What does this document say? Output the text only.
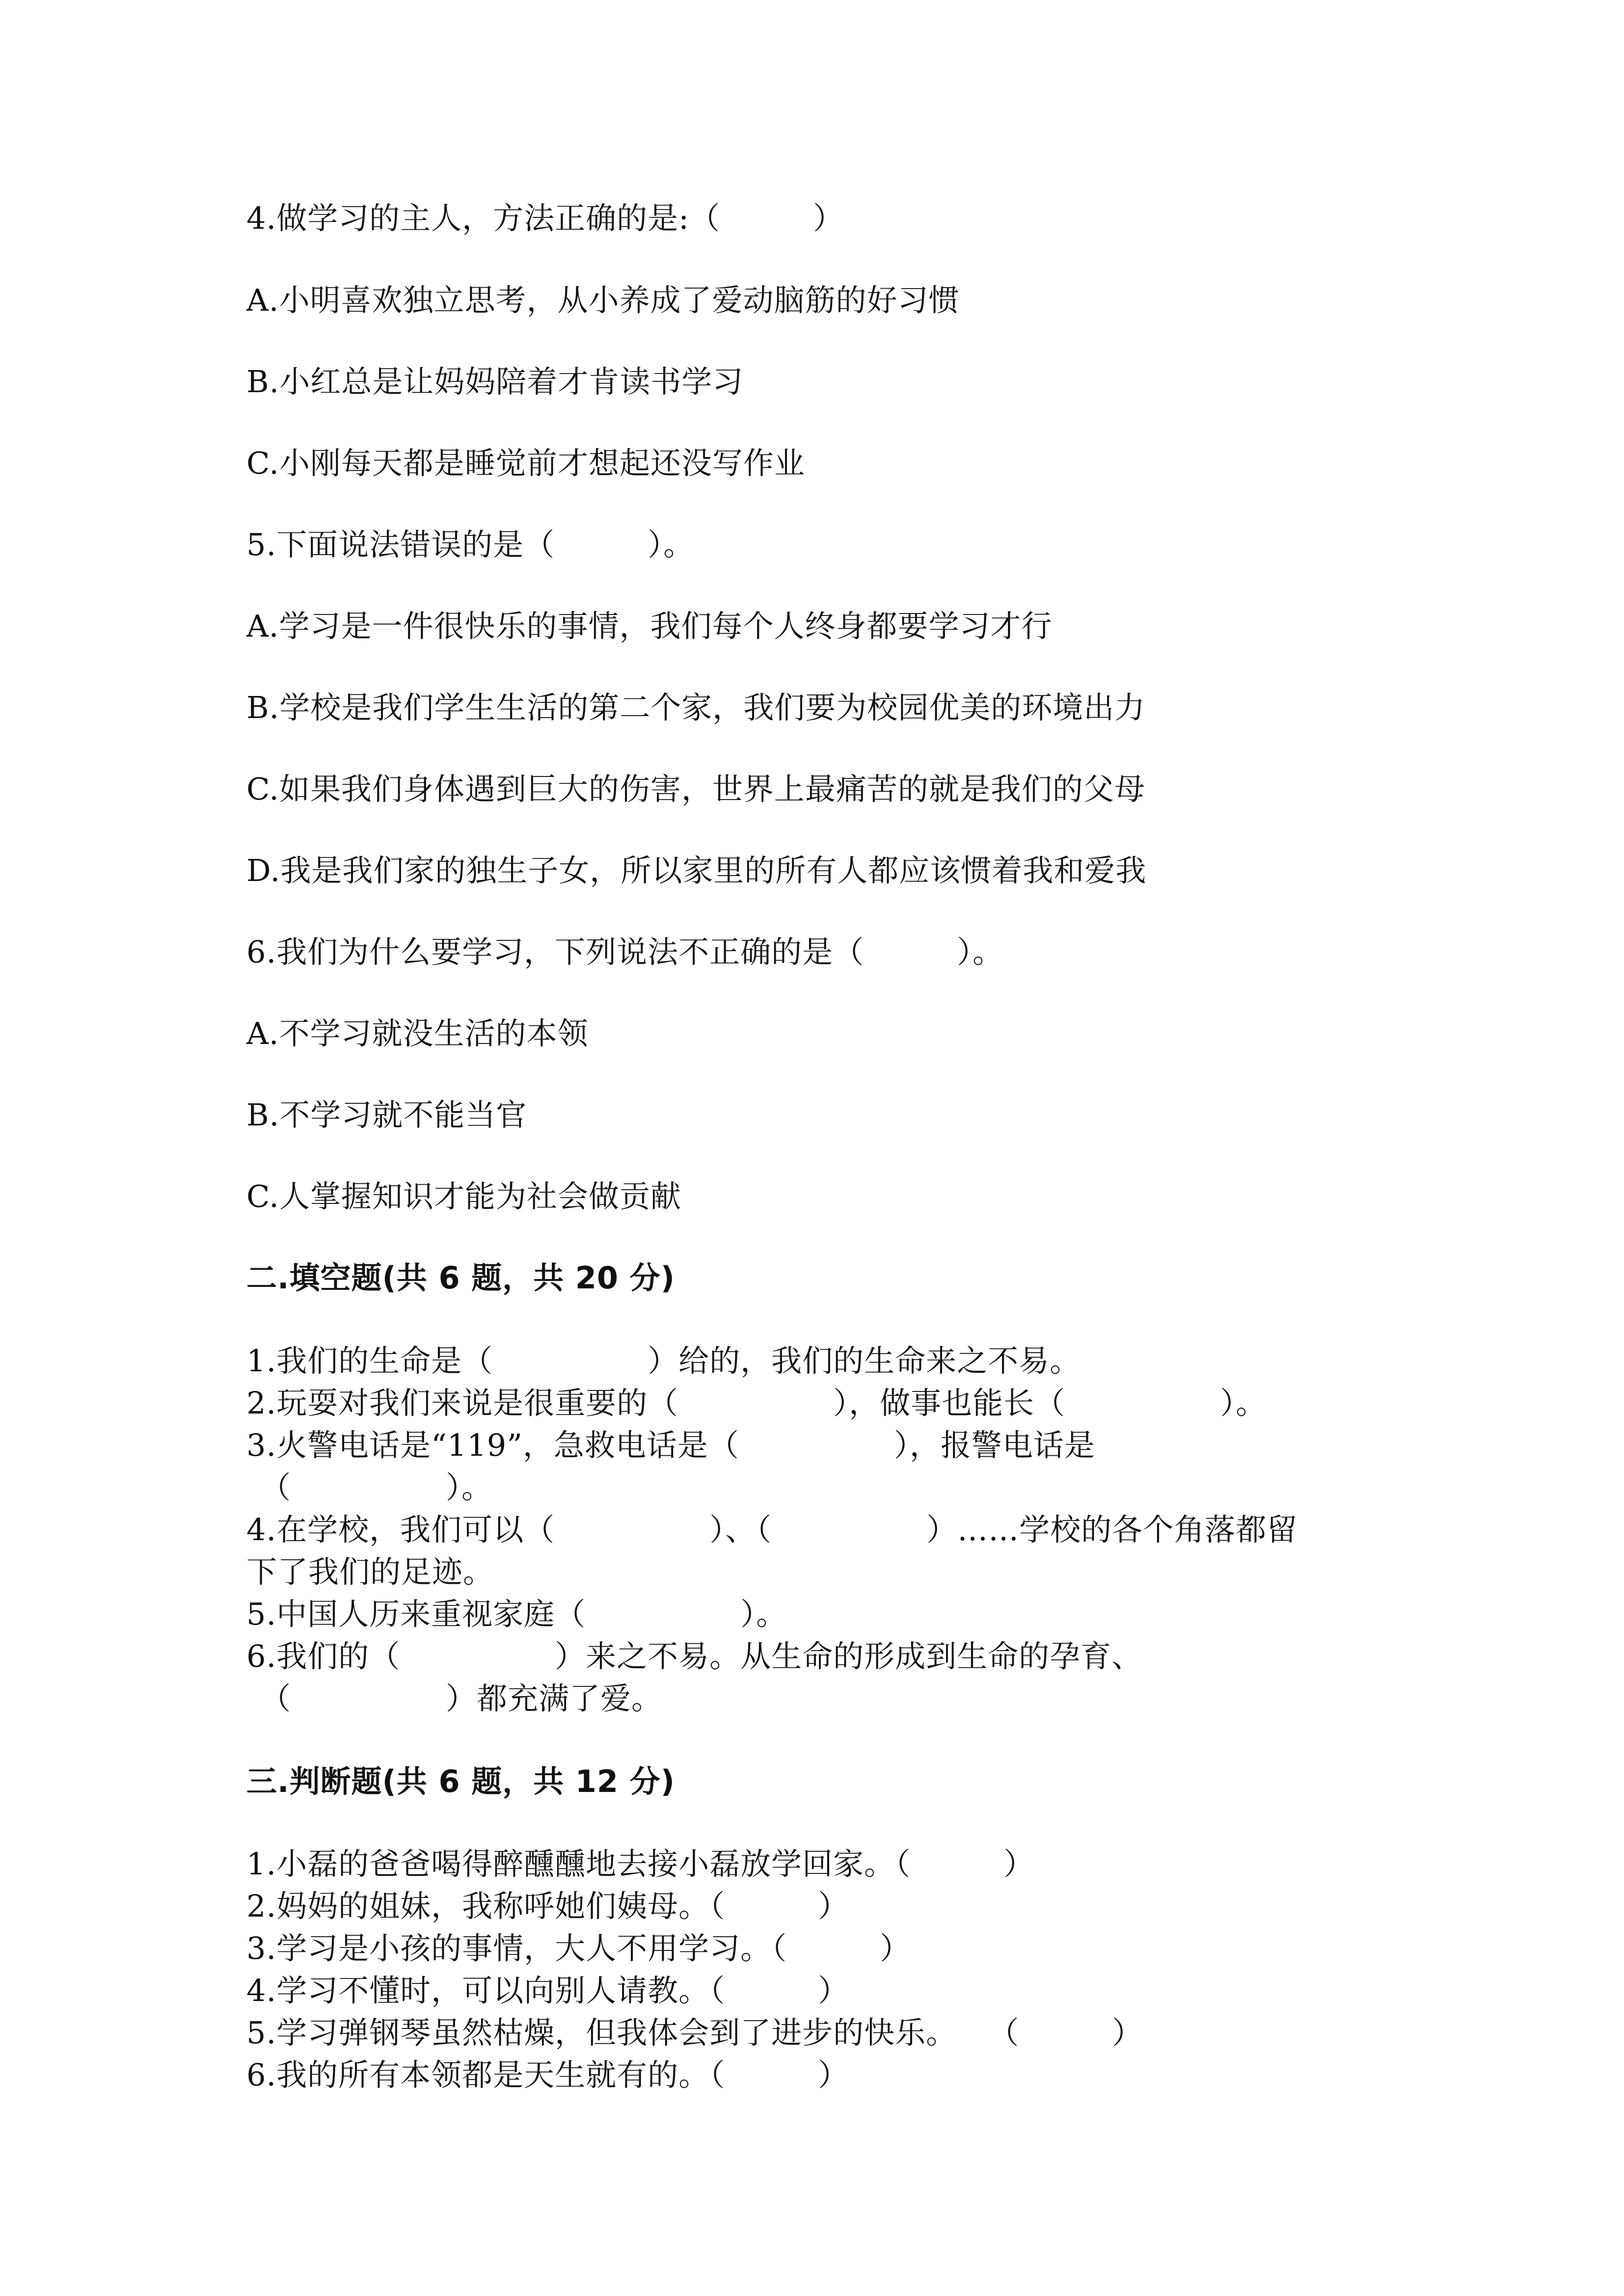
4.做学习的主人，方法正确的是:（　　　）
A.小明喜欢独立思考，从小养成了爱动脑筋的好习惯
B.小红总是让妈妈陪着才肯读书学习
C.小刚每天都是睡觉前才想起还没写作业
5.下面说法错误的是（　　　）。
A.学习是一件很快乐的事情，我们每个人终身都要学习才行
B.学校是我们学生生活的第二个家，我们要为校园优美的环境出力
C.如果我们身体遇到巨大的伤害，世界上最痛苦的就是我们的父母
D.我是我们家的独生子女，所以家里的所有人都应该惯着我和爱我
6.我们为什么要学习，下列说法不正确的是（　　　）。
A.不学习就没生活的本领
B.不学习就不能当官
C.人掌握知识才能为社会做贡献
二.填空题(共 6 题，共 20 分)
1.我们的生命是（　　　　　）给的，我们的生命来之不易。
2.玩耍对我们来说是很重要的（　　　　　），做事也能长（　　　　　）。
3.火警电话是“119”，急救电话是（　　　　　），报警电话是
（　　　　　）。
4.在学校，我们可以（　　　　　）、（　　　　　）……学校的各个角落都留
下了我们的足迹。
5.中国人历来重视家庭（　　　　　）。
6.我们的（　　　　　）来之不易。从生命的形成到生命的孕育、
（　　　　　）都充满了爱。
三.判断题(共 6 题，共 12 分)
1.小磊的爸爸喝得醉醺醺地去接小磊放学回家。（　　　）
2.妈妈的姐妹，我称呼她们姨母。（　　　）
3.学习是小孩的事情，大人不用学习。（　　　）
4.学习不懂时，可以向别人请教。（　　　）
5.学习弹钢琴虽然枯燥，但我体会到了进步的快乐。　　（　　　）
6.我的所有本领都是天生就有的。（　　　）
